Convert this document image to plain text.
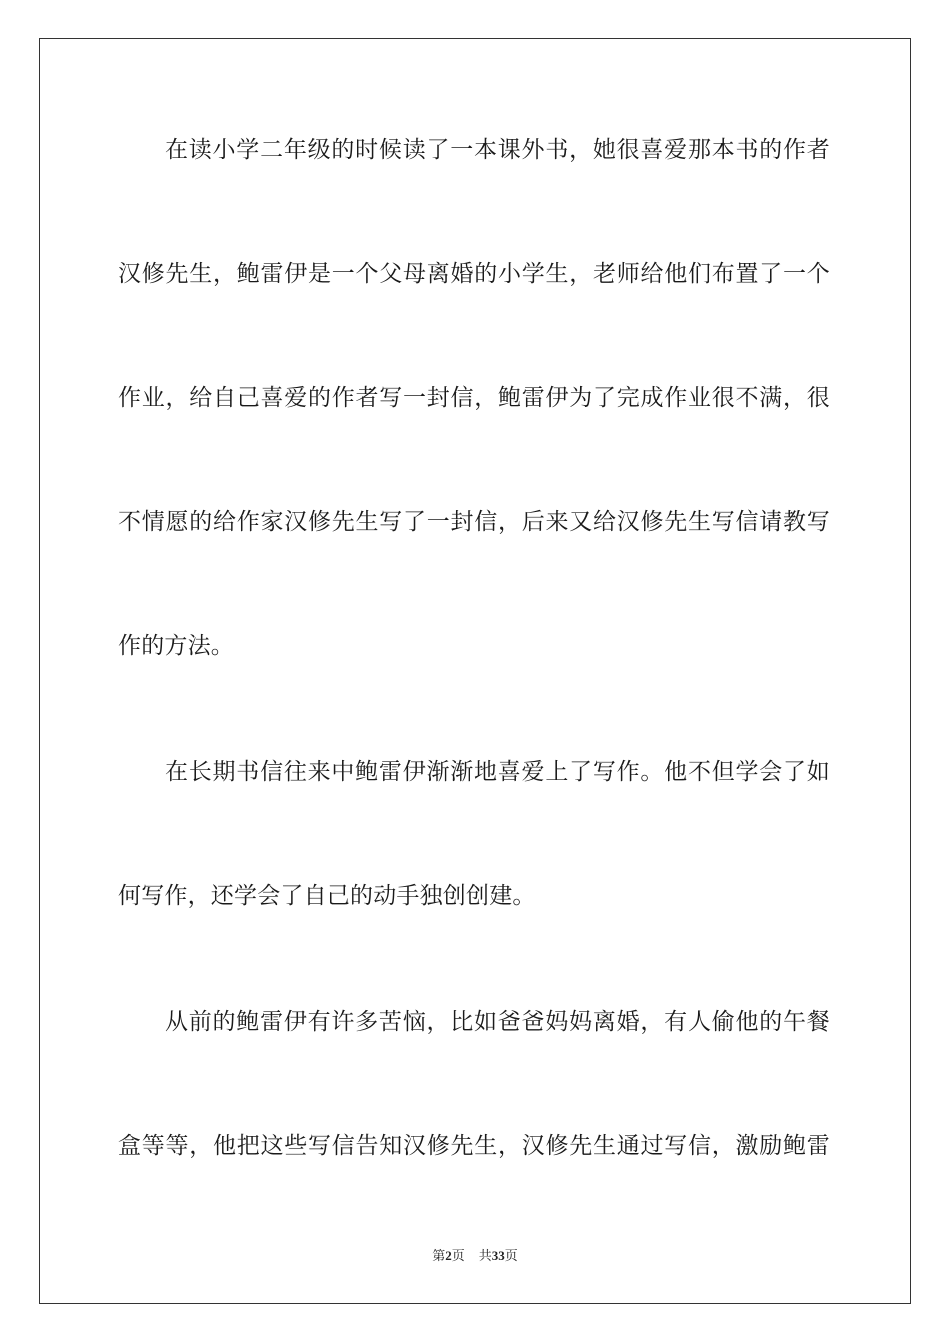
在读小学二年级的时候读了一本课外书，她很喜爱那本书的作者

汉修先生，鲍雷伊是一个父母离婚的小学生，老师给他们布置了一个

作业，给自己喜爱的作者写一封信，鲍雷伊为了完成作业很不满，很

不情愿的给作家汉修先生写了一封信，后来又给汉修先生写信请教写

作的方法。

在长期书信往来中鲍雷伊渐渐地喜爱上了写作。他不但学会了如

何写作，还学会了自己的动手独创创建。

从前的鲍雷伊有许多苦恼，比如爸爸妈妈离婚，有人偷他的午餐

盒等等，他把这些写信告知汉修先生，汉修先生通过写信，激励鲍雷

第2页 共33页
